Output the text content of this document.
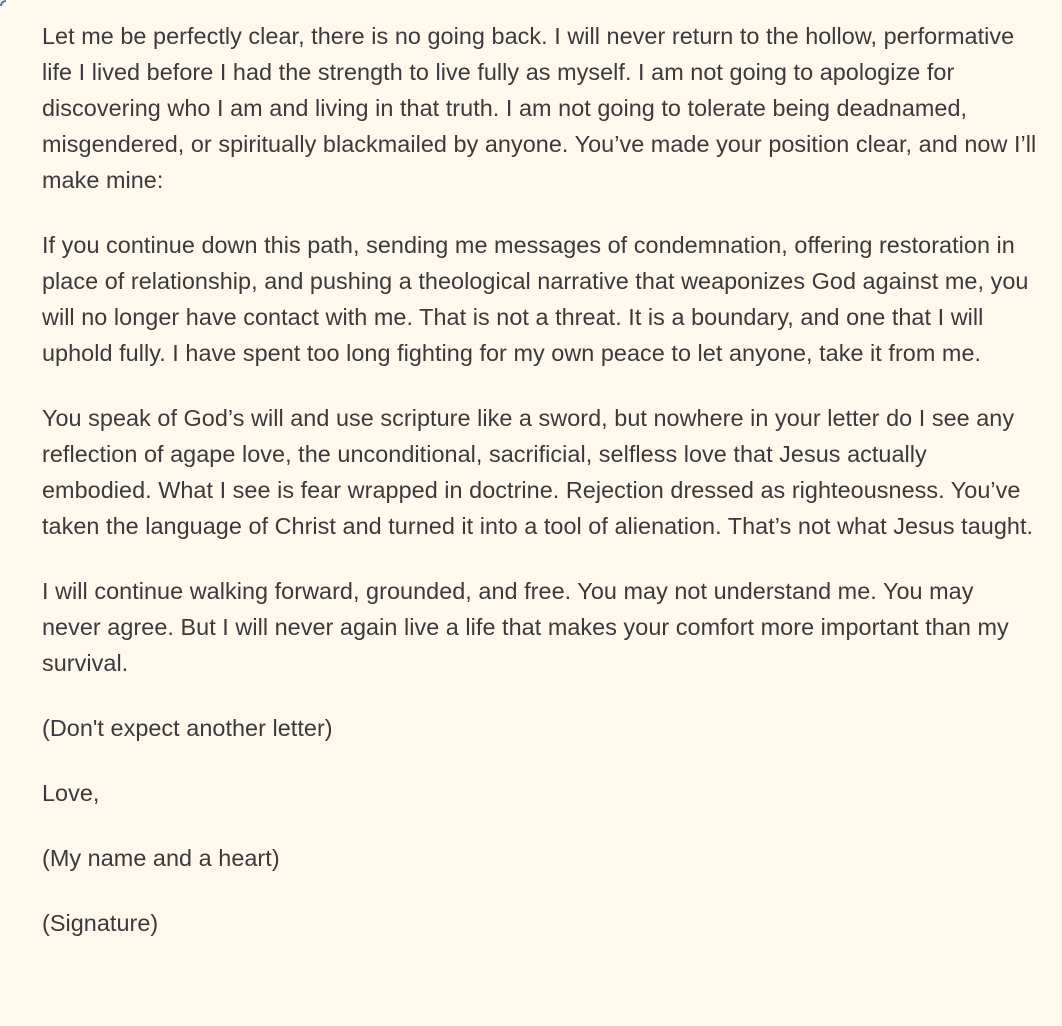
Let me be perfectly clear, there is no going back. I will never return to the hollow, performative life I lived before I had the strength to live fully as myself. I am not going to apologize for discovering who I am and living in that truth. I am not going to tolerate being deadnamed, misgendered, or spiritually blackmailed by anyone. You’ve made your position clear, and now I’ll make mine:

If you continue down this path, sending me messages of condemnation, offering restoration in place of relationship, and pushing a theological narrative that weaponizes God against me, you will no longer have contact with me. That is not a threat. It is a boundary, and one that I will uphold fully. I have spent too long fighting for my own peace to let anyone, take it from me.

You speak of God’s will and use scripture like a sword, but nowhere in your letter do I see any reflection of agape love, the unconditional, sacrificial, selfless love that Jesus actually embodied. What I see is fear wrapped in doctrine. Rejection dressed as righteousness. You’ve taken the language of Christ and turned it into a tool of alienation. That’s not what Jesus taught.

I will continue walking forward, grounded, and free. You may not understand me. You may never agree. But I will never again live a life that makes your comfort more important than my survival.

(Don't expect another letter)

Love,

(My name and a heart)

(Signature)
